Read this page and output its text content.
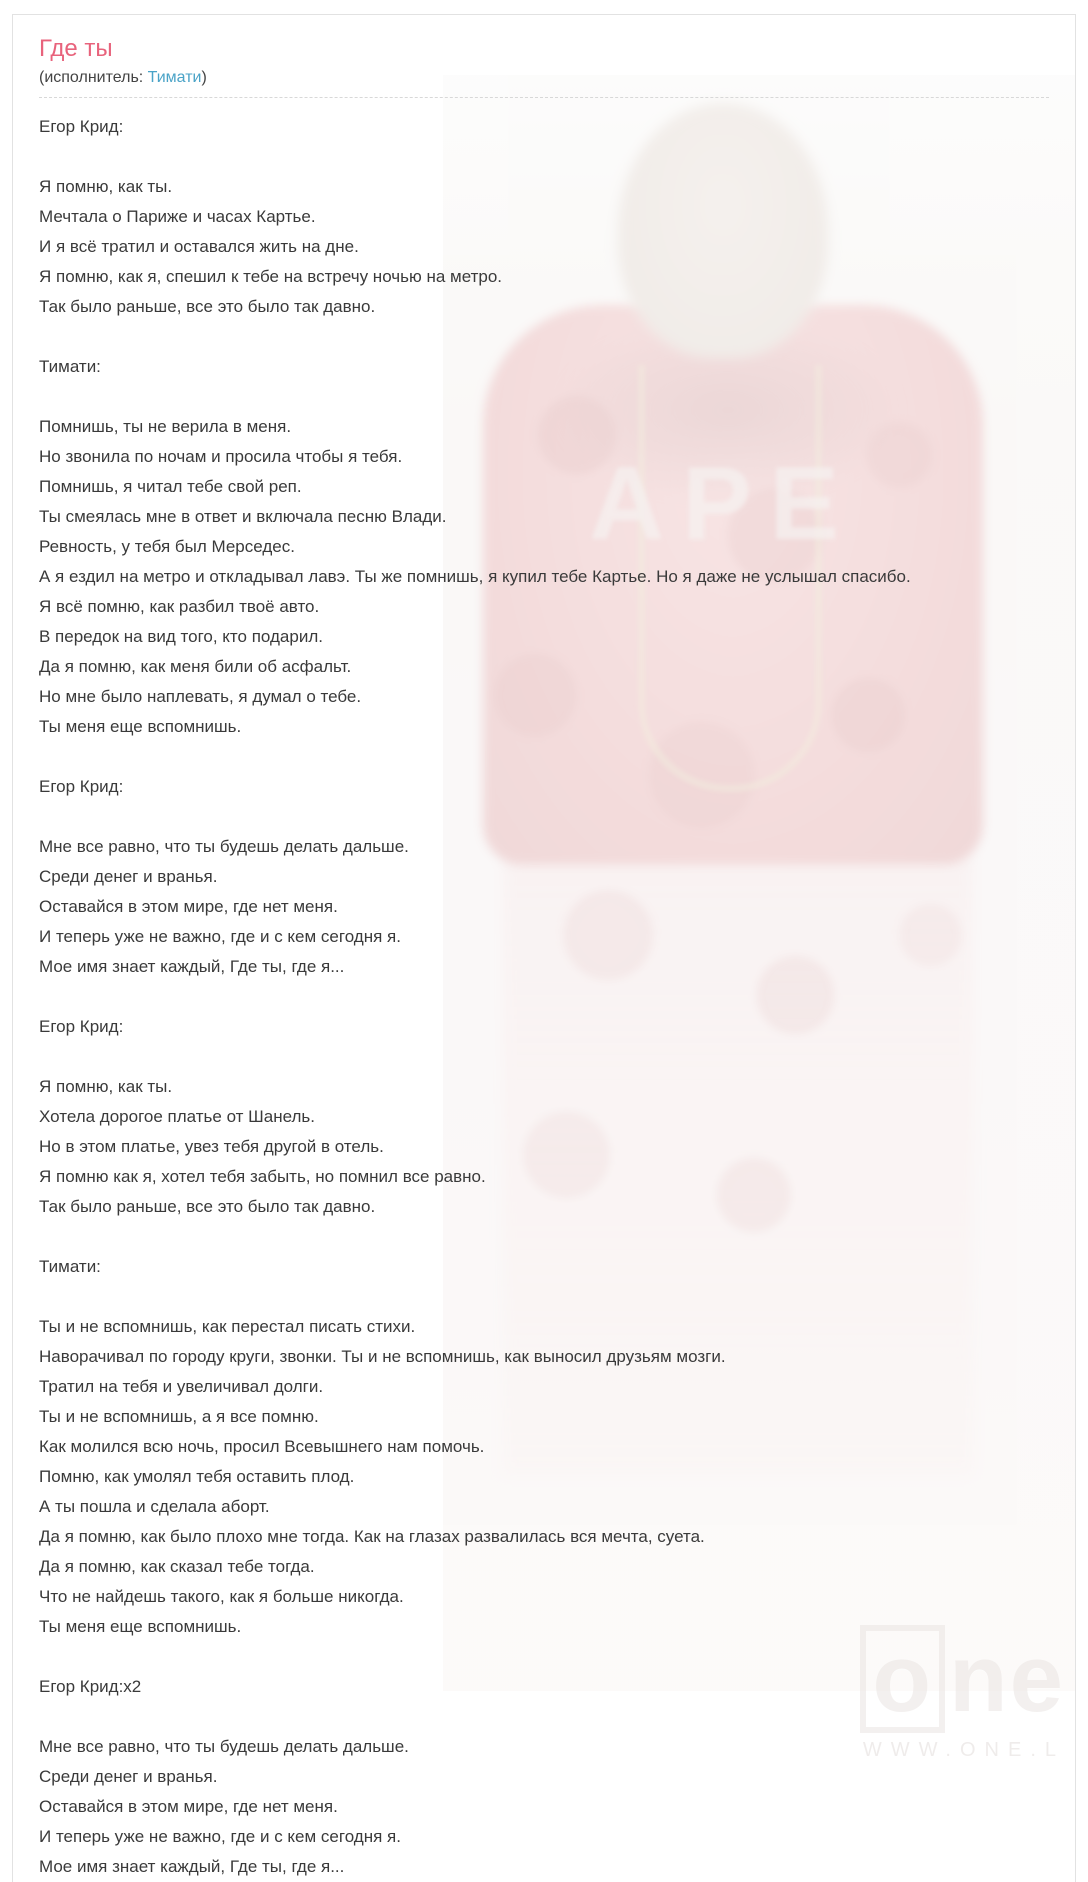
APE
o ne
WWW.ONE.L
Где ты
(исполнитель: Тимати)
Егор Крид:
Я помню, как ты.
Мечтала о Париже и часах Картье.
И я всё тратил и оставался жить на дне.
Я помню, как я, спешил к тебе на встречу ночью на метро.
Так было раньше, все это было так давно.
Тимати:
Помнишь, ты не верила в меня.
Но звонила по ночам и просила чтобы я тебя.
Помнишь, я читал тебе свой реп.
Ты смеялась мне в ответ и включала песню Влади.
Ревность, у тебя был Мерседес.
А я ездил на метро и откладывал лавэ. Ты же помнишь, я купил тебе Картье. Но я даже не услышал спасибо.
Я всё помню, как разбил твоё авто.
В передок на вид того, кто подарил.
Да я помню, как меня били об асфальт.
Но мне было наплевать, я думал о тебе.
Ты меня еще вспомнишь.
Егор Крид:
Мне все равно, что ты будешь делать дальше.
Среди денег и вранья.
Оставайся в этом мире, где нет меня.
И теперь уже не важно, где и с кем сегодня я.
Мое имя знает каждый, Где ты, где я...
Егор Крид:
Я помню, как ты.
Хотела дорогое платье от Шанель.
Но в этом платье, увез тебя другой в отель.
Я помню как я, хотел тебя забыть, но помнил все равно.
Так было раньше, все это было так давно.
Тимати:
Ты и не вспомнишь, как перестал писать стихи.
Наворачивал по городу круги, звонки. Ты и не вспомнишь, как выносил друзьям мозги.
Тратил на тебя и увеличивал долги.
Ты и не вспомнишь, а я все помню.
Как молился всю ночь, просил Всевышнего нам помочь.
Помню, как умолял тебя оставить плод.
А ты пошла и сделала аборт.
Да я помню, как было плохо мне тогда. Как на глазах развалилась вся мечта, суета.
Да я помню, как сказал тебе тогда.
Что не найдешь такого, как я больше никогда.
Ты меня еще вспомнишь.
Егор Крид:х2
Мне все равно, что ты будешь делать дальше.
Среди денег и вранья.
Оставайся в этом мире, где нет меня.
И теперь уже не важно, где и с кем сегодня я.
Мое имя знает каждый, Где ты, где я...
